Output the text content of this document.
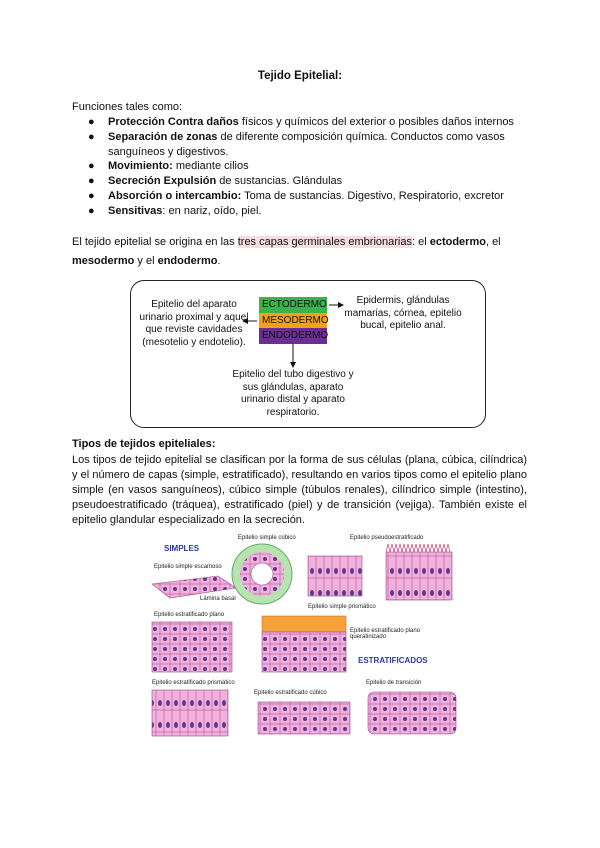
Tejido Epitelial:
Funciones tales como:
● Protección Contra daños físicos y químicos del exterior o posibles daños internos
● Separación de zonas de diferente composición química. Conductos como vasos sanguíneos y digestivos.
● Movimiento: mediante cilios
● Secreción Expulsión de sustancias. Glándulas
● Absorción o intercambio: Toma de sustancias. Digestivo, Respiratorio, excretor
● Sensitivas: en nariz, oído, piel.
El tejido epitelial se origina en las tres capas germinales embrionarias: el ectodermo, el mesodermo y el endodermo.
Epitelio del aparato urinario proximal y aquel que reviste cavidades (mesotelio y endotelio).
ECTODERMO
MESODERMO
ENDODERMO
Epidermis, glándulas mamarias, córnea, epitelio bucal, epitelio anal.
Epitelio del tubo digestivo y sus glándulas, aparato urinario distal y aparato respiratorio.
Tipos de tejidos epiteliales:
Los tipos de tejido epitelial se clasifican por la forma de sus células (plana, cúbica, cilíndrica) y el número de capas (simple, estratificado), resultando en varios tipos como el epitelio plano simple (en vasos sanguíneos), cúbico simple (túbulos renales), cilíndrico simple (intestino), pseudoestratificado (tráquea), estratificado (piel) y de transición (vejiga). También existe el epitelio glandular especializado en la secreción.
SIMPLES
Epitelio simple cúbico	Epitelio pseudoestratificado
Epitelio simple escamoso
Epitelio simple prismático
Lámina basal
Epitelio estratificado plano
Epitelio estratificado plano queratinizado
ESTRATIFICADOS
Epitelio estratificado prismático
Epitelio estratificado cúbico
Epitelio de transición
